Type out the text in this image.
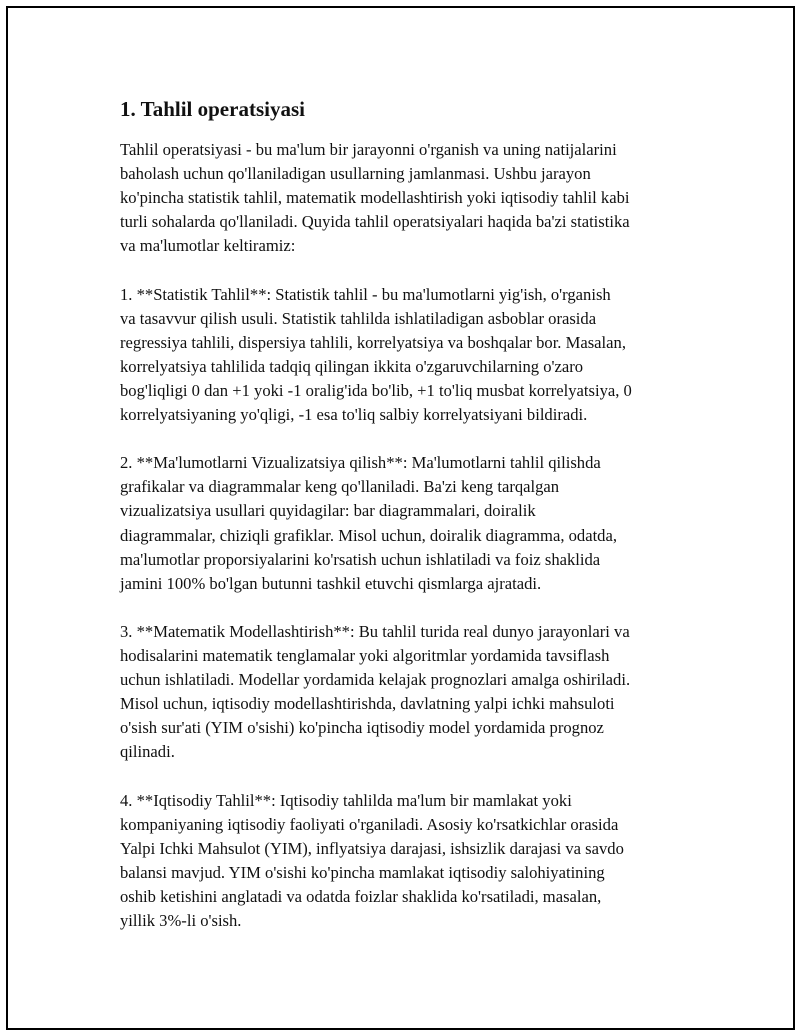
1. Tahlil operatsiyasi

Tahlil operatsiyasi - bu ma'lum bir jarayonni o'rganish va uning natijalarini
baholash uchun qo'llaniladigan usullarning jamlanmasi. Ushbu jarayon
ko'pincha statistik tahlil, matematik modellashtirish yoki iqtisodiy tahlil kabi
turli sohalarda qo'llaniladi. Quyida tahlil operatsiyalari haqida ba'zi statistika
va ma'lumotlar keltiramiz:

1. **Statistik Tahlil**: Statistik tahlil - bu ma'lumotlarni yig'ish, o'rganish
va tasavvur qilish usuli. Statistik tahlilda ishlatiladigan asboblar orasida
regressiya tahlili, dispersiya tahlili, korrelyatsiya va boshqalar bor. Masalan,
korrelyatsiya tahlilida tadqiq qilingan ikkita o'zgaruvchilarning o'zaro
bog'liqligi 0 dan +1 yoki -1 oralig'ida bo'lib, +1 to'liq musbat korrelyatsiya, 0
korrelyatsiyaning yo'qligi, -1 esa to'liq salbiy korrelyatsiyani bildiradi.

2. **Ma'lumotlarni Vizualizatsiya qilish**: Ma'lumotlarni tahlil qilishda
grafikalar va diagrammalar keng qo'llaniladi. Ba'zi keng tarqalgan
vizualizatsiya usullari quyidagilar: bar diagrammalari, doiralik
diagrammalar, chiziqli grafiklar. Misol uchun, doiralik diagramma, odatda,
ma'lumotlar proporsiyalarini ko'rsatish uchun ishlatiladi va foiz shaklida
jamini 100% bo'lgan butunni tashkil etuvchi qismlarga ajratadi.

3. **Matematik Modellashtirish**: Bu tahlil turida real dunyo jarayonlari va
hodisalarini matematik tenglamalar yoki algoritmlar yordamida tavsiflash
uchun ishlatiladi. Modellar yordamida kelajak prognozlari amalga oshiriladi.
Misol uchun, iqtisodiy modellashtirishda, davlatning yalpi ichki mahsuloti
o'sish sur'ati (YIM o'sishi) ko'pincha iqtisodiy model yordamida prognoz
qilinadi.

4. **Iqtisodiy Tahlil**: Iqtisodiy tahlilda ma'lum bir mamlakat yoki
kompaniyaning iqtisodiy faoliyati o'rganiladi. Asosiy ko'rsatkichlar orasida
Yalpi Ichki Mahsulot (YIM), inflyatsiya darajasi, ishsizlik darajasi va savdo
balansi mavjud. YIM o'sishi ko'pincha mamlakat iqtisodiy salohiyatining
oshib ketishini anglatadi va odatda foizlar shaklida ko'rsatiladi, masalan,
yillik 3%-li o'sish.
